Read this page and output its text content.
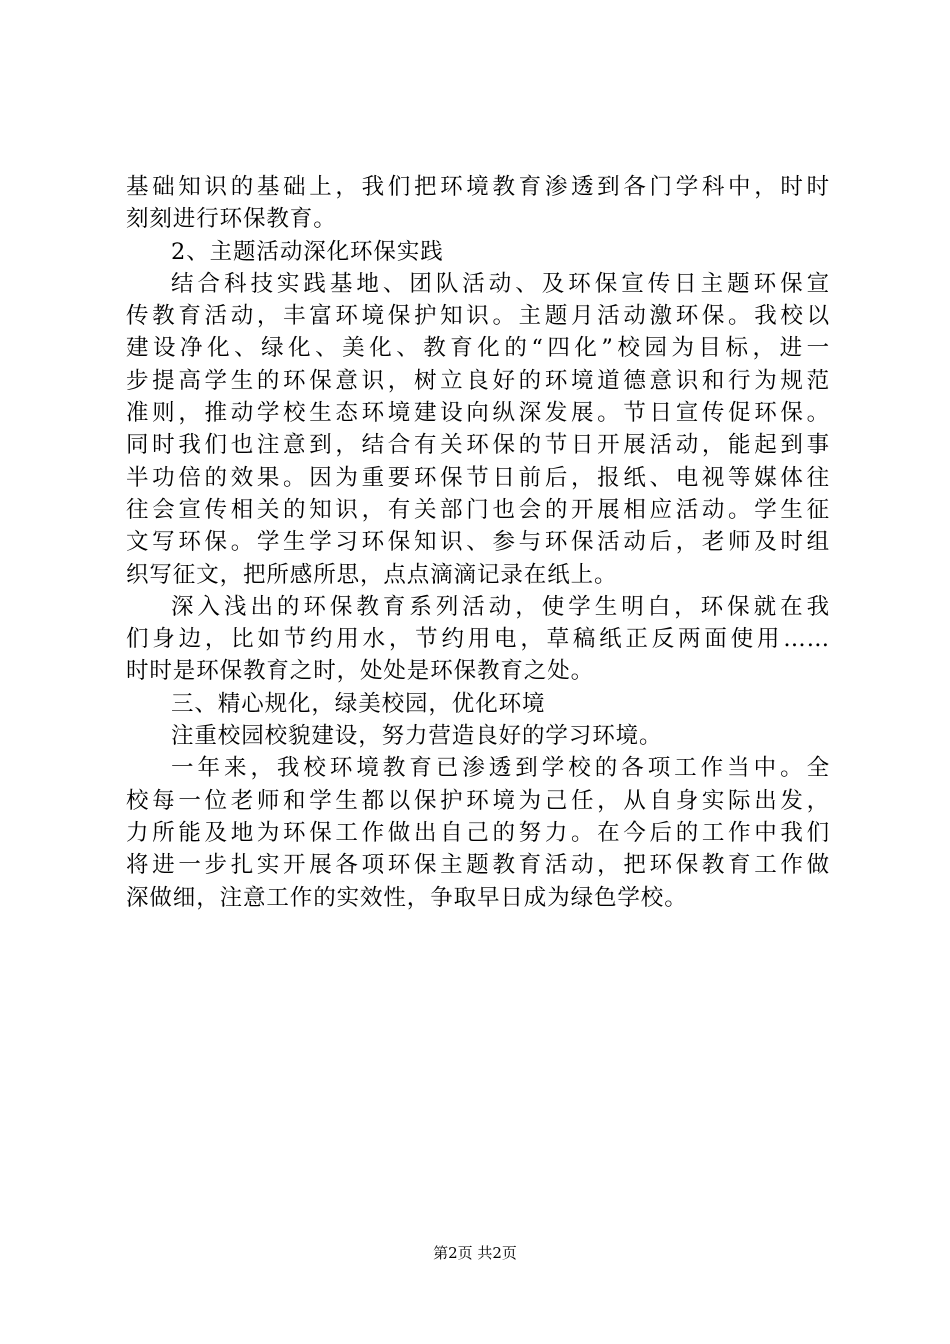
基础知识的基础上，我们把环境教育渗透到各门学科中，时时
刻刻进行环保教育。
2、主题活动深化环保实践
结合科技实践基地、团队活动、及环保宣传日主题环保宣
传教育活动，丰富环境保护知识。主题月活动激环保。我校以
建设净化、绿化、美化、教育化的“四化”校园为目标，进一
步提高学生的环保意识，树立良好的环境道德意识和行为规范
准则，推动学校生态环境建设向纵深发展。节日宣传促环保。
同时我们也注意到，结合有关环保的节日开展活动，能起到事
半功倍的效果。因为重要环保节日前后，报纸、电视等媒体往
往会宣传相关的知识，有关部门也会的开展相应活动。学生征
文写环保。学生学习环保知识、参与环保活动后，老师及时组
织写征文，把所感所思，点点滴滴记录在纸上。
深入浅出的环保教育系列活动，使学生明白，环保就在我
们身边，比如节约用水，节约用电，草稿纸正反两面使用……
时时是环保教育之时，处处是环保教育之处。
三、精心规化，绿美校园，优化环境
注重校园校貌建设，努力营造良好的学习环境。
一年来，我校环境教育已渗透到学校的各项工作当中。全
校每一位老师和学生都以保护环境为己任，从自身实际出发，
力所能及地为环保工作做出自己的努力。在今后的工作中我们
将进一步扎实开展各项环保主题教育活动，把环保教育工作做
深做细，注意工作的实效性，争取早日成为绿色学校。
第2页 共2页
